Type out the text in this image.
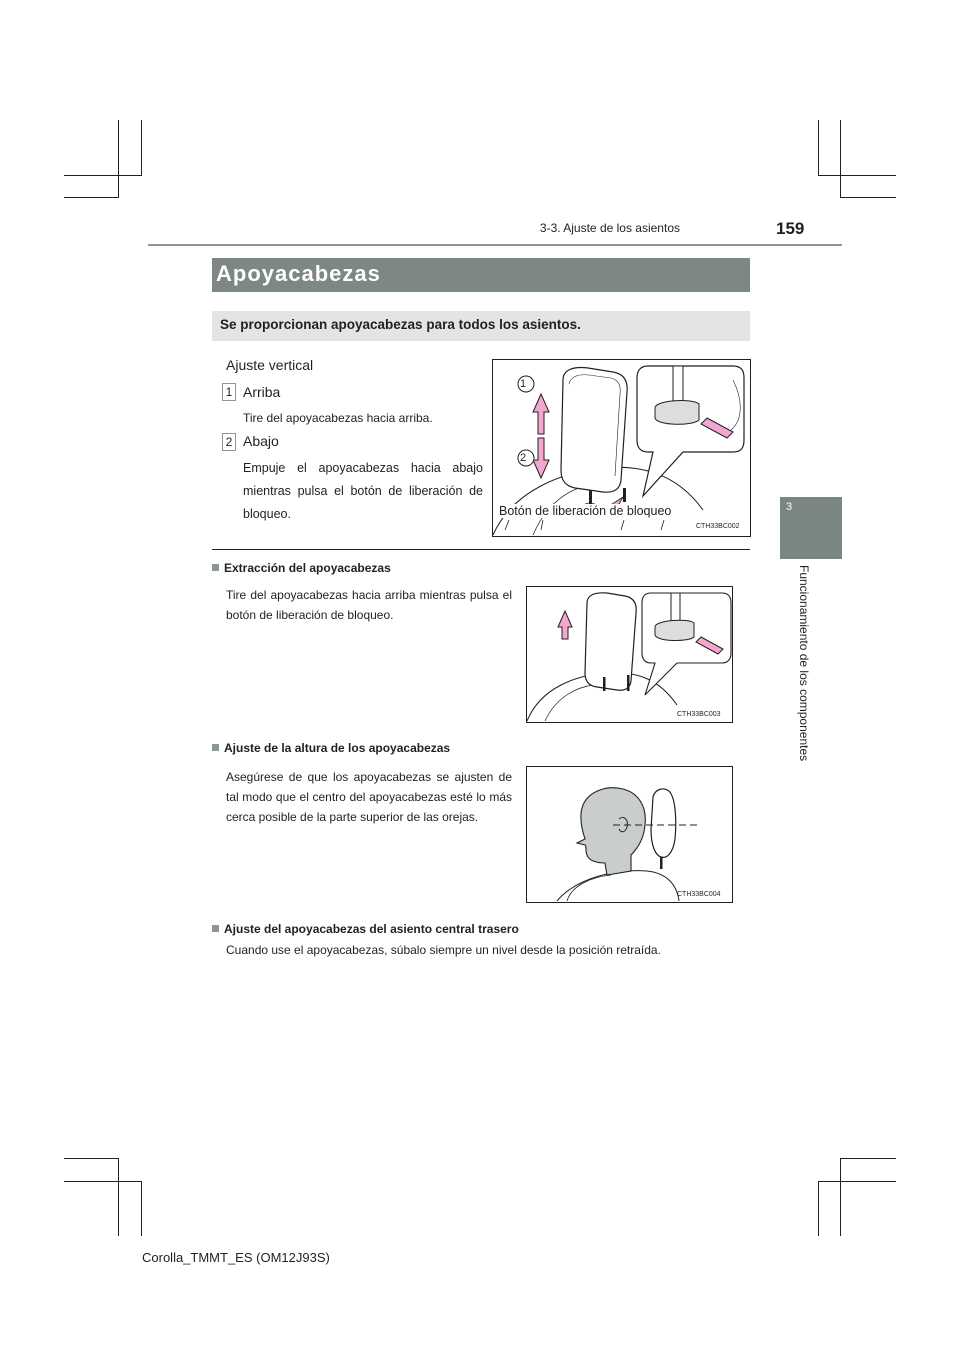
3-3. Ajuste de los asientos	159
3
Funcionamiento de los componentes
Apoyacabezas
Se proporcionan apoyacabezas para todos los asientos.
Ajuste vertical
1 Arriba
Tire del apoyacabezas hacia arriba.
2 Abajo
Empuje el apoyacabezas hacia abajo mientras pulsa el botón de liberación de bloqueo.
1
2
Botón de liberación de bloqueo
CTH33BC002
Extracción del apoyacabezas
Tire del apoyacabezas hacia arriba mientras pulsa el botón de liberación de bloqueo.
CTH33BC003
Ajuste de la altura de los apoyacabezas
Asegúrese de que los apoyacabezas se ajusten de tal modo que el centro del apoyacabezas esté lo más cerca posible de la parte superior de las orejas.
CTH33BC004
Ajuste del apoyacabezas del asiento central trasero
Cuando use el apoyacabezas, súbalo siempre un nivel desde la posición retraída.
Corolla_TMMT_ES (OM12J93S)
